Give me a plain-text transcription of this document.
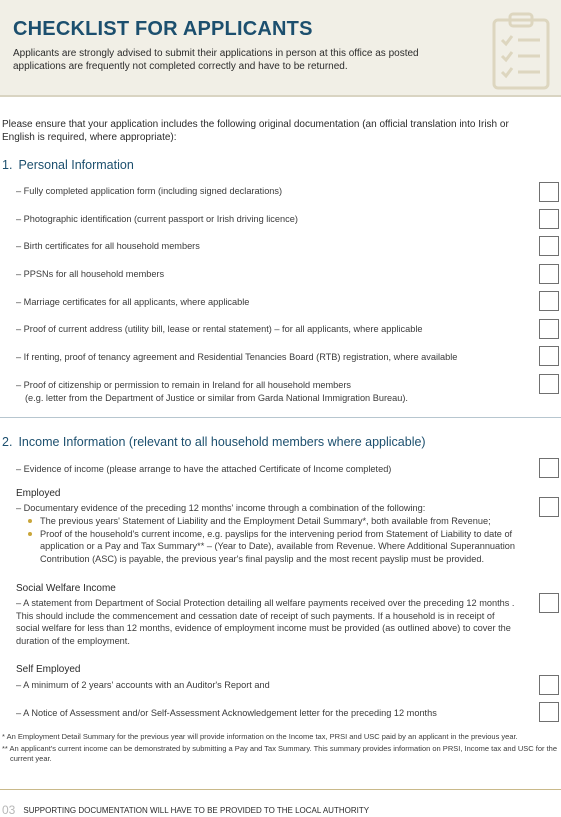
CHECKLIST FOR APPLICANTS

Applicants are strongly advised to submit their applications in person at this office as posted applications are frequently not completed correctly and have to be returned.

Please ensure that your application includes the following original documentation (an official translation into Irish or English is required, where appropriate):

1. Personal Information
– Fully completed application form (including signed declarations)
– Photographic identification (current passport or Irish driving licence)
– Birth certificates for all household members
– PPSNs for all household members
– Marriage certificates for all applicants, where applicable
– Proof of current address (utility bill, lease or rental statement) – for all applicants, where applicable
– If renting, proof of tenancy agreement and Residential Tenancies Board (RTB) registration, where available
– Proof of citizenship or permission to remain in Ireland for all household members
(e.g. letter from the Department of Justice or similar from Garda National Immigration Bureau).
2. Income Information (relevant to all household members where applicable)
– Evidence of income (please arrange to have the attached Certificate of Income completed)
Employed
– Documentary evidence of the preceding 12 months' income through a combination of the following:
The previous years' Statement of Liability and the Employment Detail Summary*, both available from Revenue;
Proof of the household's current income, e.g. payslips for the intervening period from Statement of Liability to date of application or a Pay and Tax Summary** – (Year to Date), available from Revenue. Where Additional Superannuation Contribution (ASC) is payable, the previous year's final payslip and the most recent payslip must be provided.
Social Welfare Income
– A statement from Department of Social Protection detailing all welfare payments received over the preceding 12 months . This should include the commencement and cessation date of receipt of such payments. If a household is in receipt of social welfare for less than 12 months, evidence of employment income must be provided (as outlined above) to cover the duration of the employment.
Self Employed
– A minimum of 2 years' accounts with an Auditor's Report and
– A Notice of Assessment and/or Self-Assessment Acknowledgement letter for the preceding 12 months

* An Employment Detail Summary for the previous year will provide information on the Income tax, PRSI and USC paid by an applicant in the previous year.

** An applicant's current income can be demonstrated by submitting a Pay and Tax Summary. This summary provides information on PRSI, Income tax and USC for the current year.

03 SUPPORTING DOCUMENTATION WILL HAVE TO BE PROVIDED TO THE LOCAL AUTHORITY
